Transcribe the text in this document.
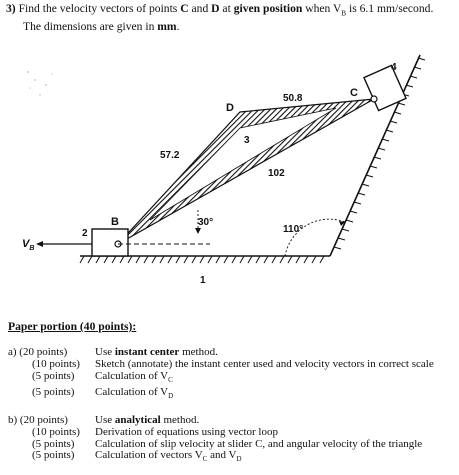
3) Find the velocity vectors of points C and D at given position when $V_B$ is 6.1 mm/second.
The dimensions are given in mm.
110°
4
30°
$V_B$
2
B
D
C
3
1
50.8
57.2
102
Paper portion (40 points):
a) (20 points)	Use instant center method.
(10 points)	Sketch (annotate) the instant center used and velocity vectors in correct scale
(5 points)	Calculation of $V_C$
(5 points)	Calculation of $V_D$
b) (20 points)	Use analytical method.
(10 points)	Derivation of equations using vector loop
(5 points)	Calculation of slip velocity at slider C, and angular velocity of the triangle
(5 points)	Calculation of vectors $V_C$ and $V_D$
